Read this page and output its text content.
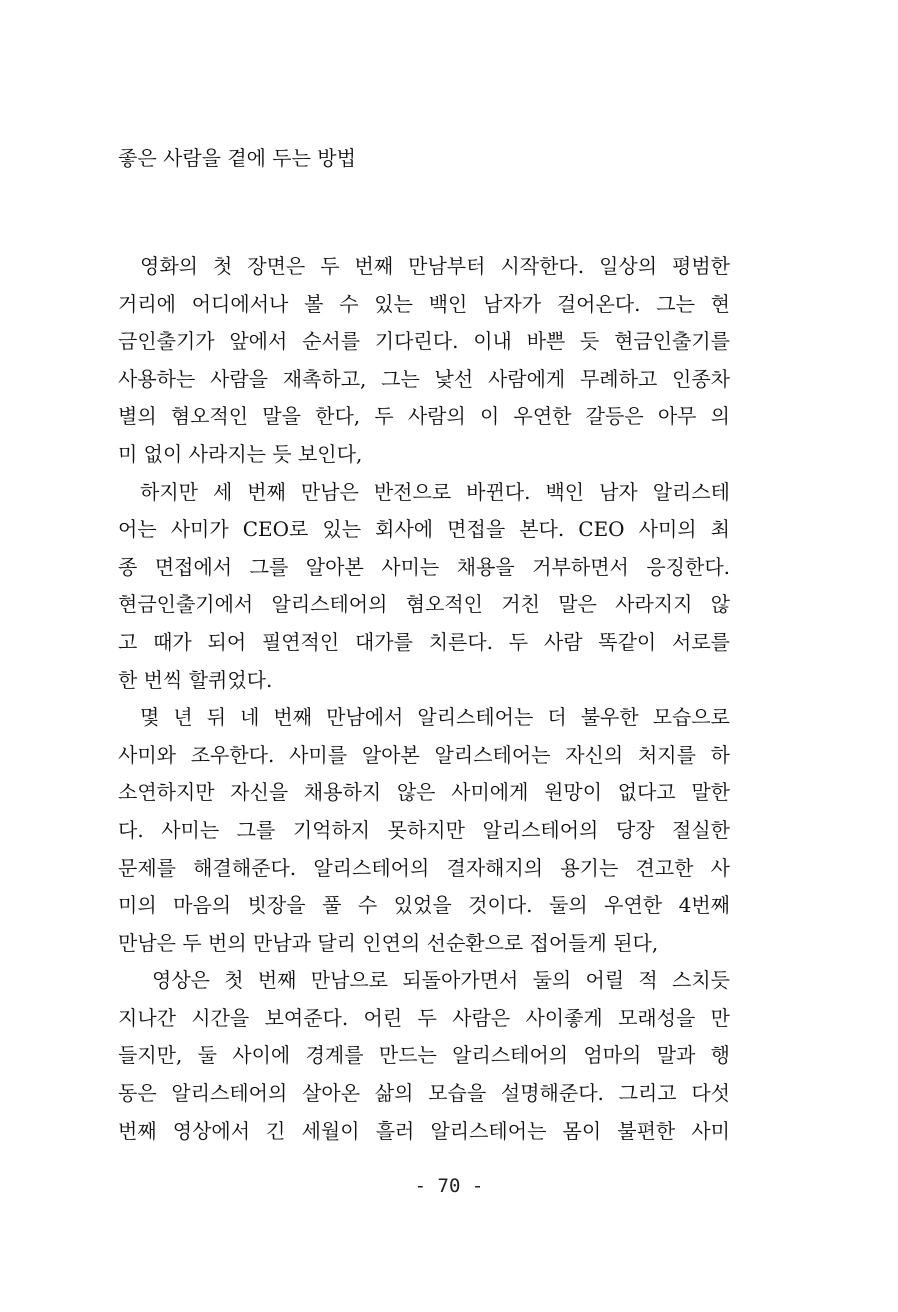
좋은 사람을 곁에 두는 방법
영화의 첫 장면은 두 번째 만남부터 시작한다. 일상의 평범한
거리에 어디에서나 볼 수 있는 백인 남자가 걸어온다. 그는 현
금인출기가 앞에서 순서를 기다린다. 이내 바쁜 듯 현금인출기를
사용하는 사람을 재촉하고, 그는 낯선 사람에게 무례하고 인종차
별의 혐오적인 말을 한다, 두 사람의 이 우연한 갈등은 아무 의
미 없이 사라지는 듯 보인다,
하지만 세 번째 만남은 반전으로 바뀐다. 백인 남자 알리스테
어는 사미가 CEO로 있는 회사에 면접을 본다. CEO 사미의 최
종 면접에서 그를 알아본 사미는 채용을 거부하면서 응징한다.
현금인출기에서 알리스테어의 혐오적인 거친 말은 사라지지 않
고 때가 되어 필연적인 대가를 치른다. 두 사람 똑같이 서로를
한 번씩 할퀴었다.
몇 년 뒤 네 번째 만남에서 알리스테어는 더 불우한 모습으로
사미와 조우한다. 사미를 알아본 알리스테어는 자신의 처지를 하
소연하지만 자신을 채용하지 않은 사미에게 원망이 없다고 말한
다. 사미는 그를 기억하지 못하지만 알리스테어의 당장 절실한
문제를 해결해준다. 알리스테어의 결자해지의 용기는 견고한 사
미의 마음의 빗장을 풀 수 있었을 것이다. 둘의 우연한 4번째
만남은 두 번의 만남과 달리 인연의 선순환으로 접어들게 된다,
영상은 첫 번째 만남으로 되돌아가면서 둘의 어릴 적 스치듯
지나간 시간을 보여준다. 어린 두 사람은 사이좋게 모래성을 만
들지만, 둘 사이에 경계를 만드는 알리스테어의 엄마의 말과 행
동은 알리스테어의 살아온 삶의 모습을 설명해준다. 그리고 다섯
번째 영상에서 긴 세월이 흘러 알리스테어는 몸이 불편한 사미
- 70 -
